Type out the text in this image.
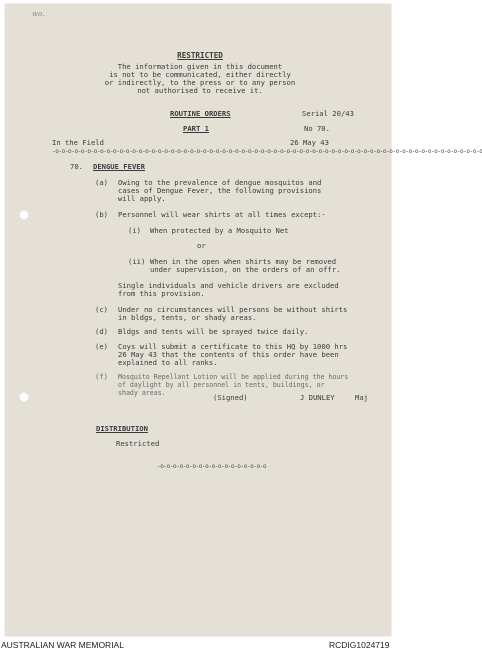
wo.
RESTRICTED
The information given in this document
is not to be communicated, either directly
or indirectly, to the press or to any person
not authorised to receive it.
ROUTINE ORDERS	Serial 20/43
PART 1	No 70.
In the Field	26 May 43
-o-o-o-o-o-o-o-o-o-o-o-o-o-o-o-o-o-o-o-o-o-o-o-o-o-o-o-o-o-o-o-o-o-o-o-o-o-o-o-o-o-o-o-o-o-o-o-o-o-o-o-o-o-o-o-o-o-o-o-o-o-o-o-o-o-o-o
70. DENGUE FEVER
(a) Owing to the prevalence of dengue mosquitos and
cases of Dengue Fever, the following provisions
will apply.
(b) Personnel will wear shirts at all times except:-
(i) When protected by a Mosquito Net
or
(ii) When in the open when shirts may be removed
under supervision, on the orders of an offr.
Single individuals and vehicle drivers are excluded
from this provision.
(c) Under no circumstances will persons be without shirts
in bldgs, tents, or shady areas.
(d) Bldgs and tents will be sprayed twice daily.
(e) Coys will submit a certificate to this HQ by 1000 hrs
26 May 43 that the contents of this order have been
explained to all ranks.
(f) Mosquito Repellant Lotion will be applied during the hours
of daylight by all personnel in tents, buildings, or
shady areas.	(Signed)	J DUNLEY	Maj
DISTRIBUTION
Restricted
-o-o-o-o-o-o-o-o-o-o-o-o-o-o-o-o-o
AUSTRALIAN WAR MEMORIAL	RCDIG1024719
